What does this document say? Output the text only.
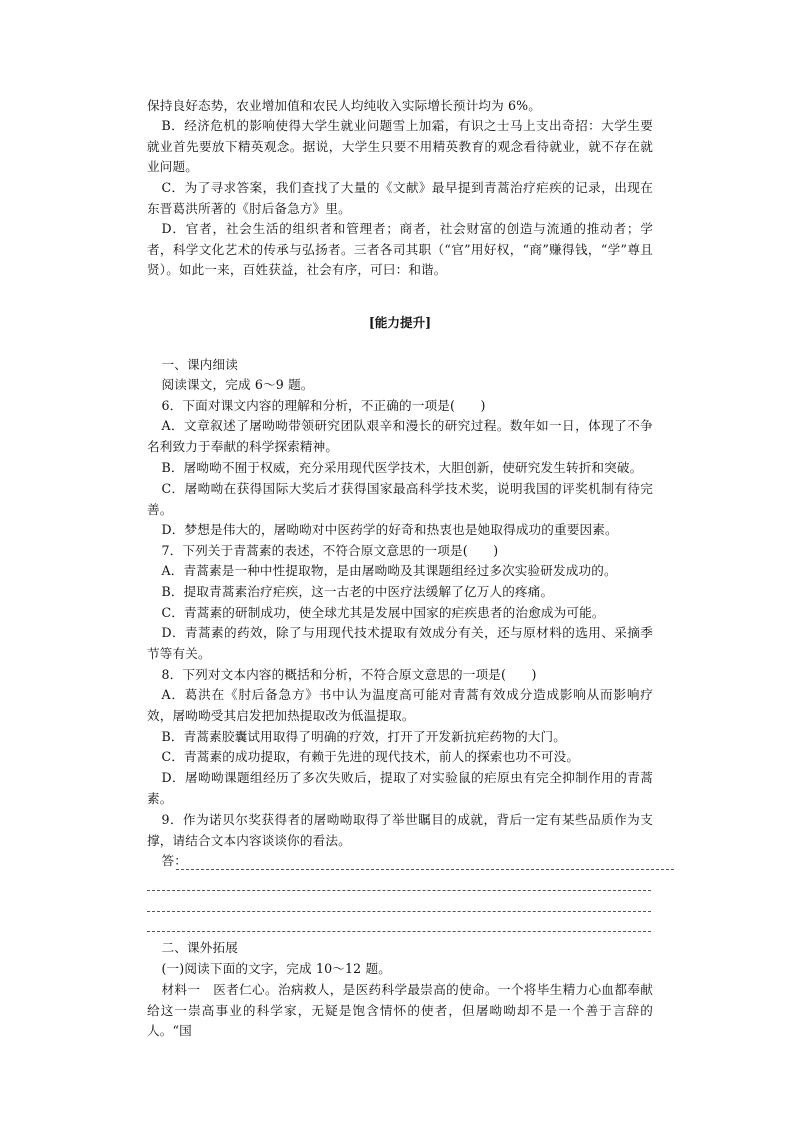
保持良好态势，农业增加值和农民人均纯收入实际增长预计均为 6%。

B．经济危机的影响使得大学生就业问题雪上加霜，有识之士马上支出奇招：大学生要就业首先要放下精英观念。据说，大学生只要不用精英教育的观念看待就业，就不存在就业问题。

C．为了寻求答案，我们查找了大量的《文献》最早提到青蒿治疗疟疾的记录，出现在东晋葛洪所著的《肘后备急方》里。

D．官者，社会生活的组织者和管理者；商者，社会财富的创造与流通的推动者；学者，科学文化艺术的传承与弘扬者。三者各司其职（“官”用好权，“商”赚得钱，“学”尊且贤）。如此一来，百姓获益，社会有序，可曰：和谐。

[能力提升]

一、课内细读

阅读课文，完成 6～9 题。

6．下面对课文内容的理解和分析，不正确的一项是(　　)

A．文章叙述了屠呦呦带领研究团队艰辛和漫长的研究过程。数年如一日，体现了不争名利致力于奉献的科学探索精神。

B．屠呦呦不囿于权威，充分采用现代医学技术，大胆创新，使研究发生转折和突破。

C．屠呦呦在获得国际大奖后才获得国家最高科学技术奖，说明我国的评奖机制有待完善。

D．梦想是伟大的，屠呦呦对中医药学的好奇和热衷也是她取得成功的重要因素。

7．下列关于青蒿素的表述，不符合原文意思的一项是(　　)

A．青蒿素是一种中性提取物，是由屠呦呦及其课题组经过多次实验研发成功的。

B．提取青蒿素治疗疟疾，这一古老的中医疗法缓解了亿万人的疼痛。

C．青蒿素的研制成功，使全球尤其是发展中国家的疟疾患者的治愈成为可能。

D．青蒿素的药效，除了与用现代技术提取有效成分有关，还与原材料的选用、采摘季节等有关。

8．下列对文本内容的概括和分析，不符合原文意思的一项是(　　)

A．葛洪在《肘后备急方》书中认为温度高可能对青蒿有效成分造成影响从而影响疗效，屠呦呦受其启发把加热提取改为低温提取。

B．青蒿素胶囊试用取得了明确的疗效，打开了开发新抗疟药物的大门。

C．青蒿素的成功提取，有赖于先进的现代技术，前人的探索也功不可没。

D．屠呦呦课题组经历了多次失败后，提取了对实验鼠的疟原虫有完全抑制作用的青蒿素。

9．作为诺贝尔奖获得者的屠呦呦取得了举世瞩目的成就，背后一定有某些品质作为支撑，请结合文本内容谈谈你的看法。

答：

二、课外拓展

(一)阅读下面的文字，完成 10～12 题。

材料一　医者仁心。治病救人，是医药科学最崇高的使命。一个将毕生精力心血都奉献给这一崇高事业的科学家，无疑是饱含情怀的使者，但屠呦呦却不是一个善于言辞的人。“国
